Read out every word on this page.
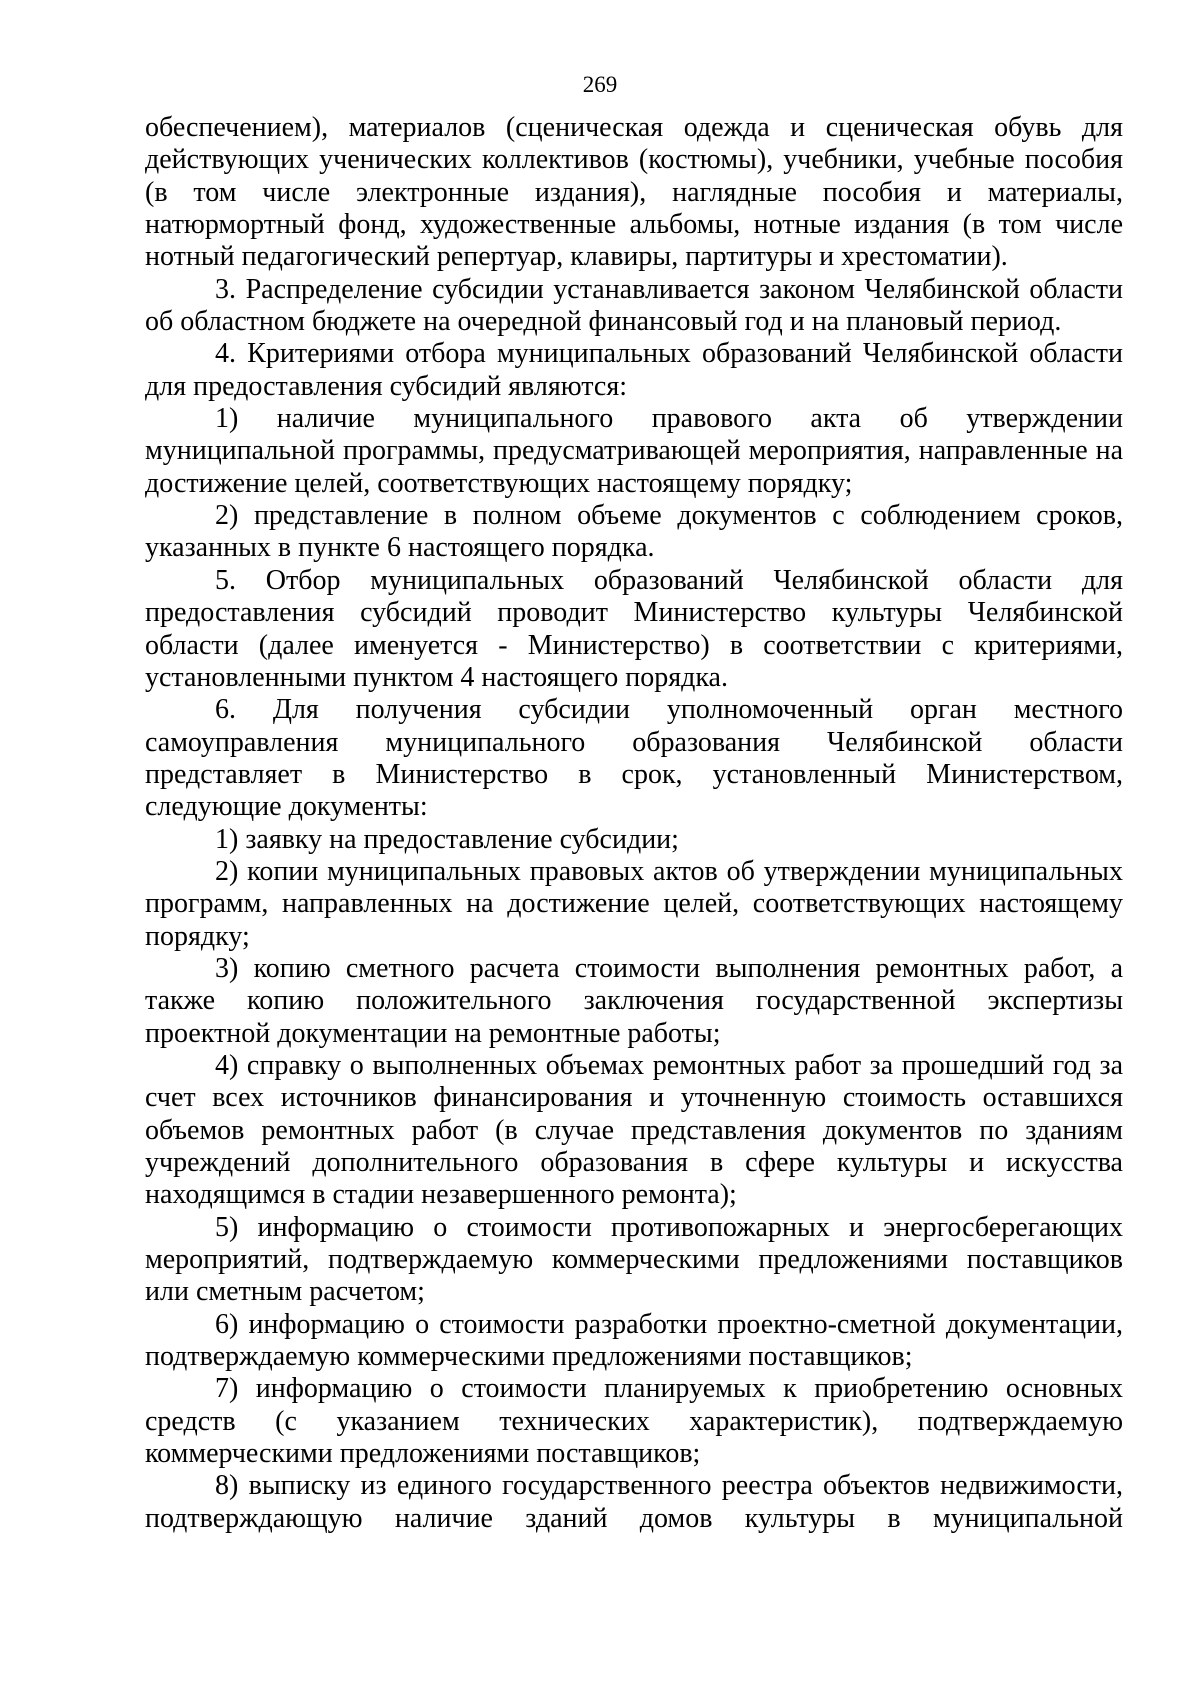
269

обеспечением), материалов (сценическая одежда и сценическая обувь для действующих ученических коллективов (костюмы), учебники, учебные пособия (в том числе электронные издания), наглядные пособия и материалы, натюрмортный фонд, художественные альбомы, нотные издания (в том числе нотный педагогический репертуар, клавиры, партитуры и хрестоматии).

3. Распределение субсидии устанавливается законом Челябинской области об областном бюджете на очередной финансовый год и на плановый период.

4. Критериями отбора муниципальных образований Челябинской области для предоставления субсидий являются:

1) наличие муниципального правового акта об утверждении муниципальной программы, предусматривающей мероприятия, направленные на достижение целей, соответствующих настоящему порядку;

2) представление в полном объеме документов с соблюдением сроков, указанных в пункте 6 настоящего порядка.

5. Отбор муниципальных образований Челябинской области для предоставления субсидий проводит Министерство культуры Челябинской области (далее именуется - Министерство) в соответствии с критериями, установленными пунктом 4 настоящего порядка.

6. Для получения субсидии уполномоченный орган местного самоуправления муниципального образования Челябинской области представляет в Министерство в срок, установленный Министерством, следующие документы:

1) заявку на предоставление субсидии;

2) копии муниципальных правовых актов об утверждении муниципальных программ, направленных на достижение целей, соответствующих настоящему порядку;

3) копию сметного расчета стоимости выполнения ремонтных работ, а также копию положительного заключения государственной экспертизы проектной документации на ремонтные работы;

4) справку о выполненных объемах ремонтных работ за прошедший год за счет всех источников финансирования и уточненную стоимость оставшихся объемов ремонтных работ (в случае представления документов по зданиям учреждений дополнительного образования в сфере культуры и искусства находящимся в стадии незавершенного ремонта);

5) информацию о стоимости противопожарных и энергосберегающих мероприятий, подтверждаемую коммерческими предложениями поставщиков или сметным расчетом;

6) информацию о стоимости разработки проектно-сметной документации, подтверждаемую коммерческими предложениями поставщиков;

7) информацию о стоимости планируемых к приобретению основных средств (с указанием технических характеристик), подтверждаемую коммерческими предложениями поставщиков;

8) выписку из единого государственного реестра объектов недвижимости, подтверждающую наличие зданий домов культуры в муниципальной
